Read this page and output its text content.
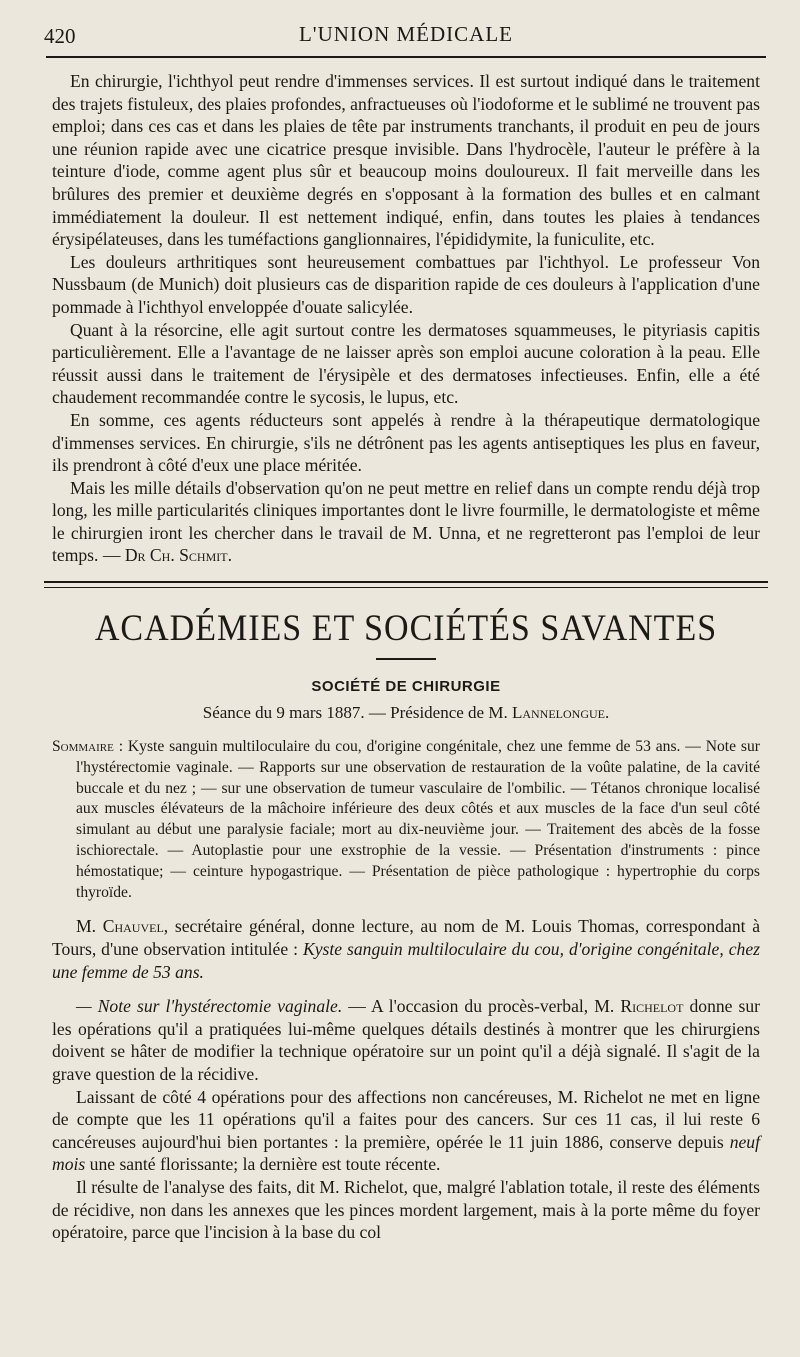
420	L'UNION MÉDICALE

En chirurgie, l'ichthyol peut rendre d'immenses services. Il est surtout indiqué dans le traitement des trajets fistuleux, des plaies profondes, anfractueuses où l'iodoforme et le sublimé ne trouvent pas emploi; dans ces cas et dans les plaies de tête par instruments tranchants, il produit en peu de jours une réunion rapide avec une cicatrice presque invisible. Dans l'hydrocèle, l'auteur le préfère à la teinture d'iode, comme agent plus sûr et beaucoup moins douloureux. Il fait merveille dans les brûlures des premier et deuxième degrés en s'opposant à la formation des bulles et en calmant immédiatement la douleur. Il est nettement indiqué, enfin, dans toutes les plaies à tendances érysipélateuses, dans les tuméfactions ganglionnaires, l'épididymite, la funiculite, etc.

Les douleurs arthritiques sont heureusement combattues par l'ichthyol. Le professeur Von Nussbaum (de Munich) doit plusieurs cas de disparition rapide de ces douleurs à l'application d'une pommade à l'ichthyol enveloppée d'ouate salicylée.

Quant à la résorcine, elle agit surtout contre les dermatoses squammeuses, le pityriasis capitis particulièrement. Elle a l'avantage de ne laisser après son emploi aucune coloration à la peau. Elle réussit aussi dans le traitement de l'érysipèle et des dermatoses infectieuses. Enfin, elle a été chaudement recommandée contre le sycosis, le lupus, etc.

En somme, ces agents réducteurs sont appelés à rendre à la thérapeutique dermatologique d'immenses services. En chirurgie, s'ils ne détrônent pas les agents antiseptiques les plus en faveur, ils prendront à côté d'eux une place méritée.

Mais les mille détails d'observation qu'on ne peut mettre en relief dans un compte rendu déjà trop long, les mille particularités cliniques importantes dont le livre fourmille, le dermatologiste et même le chirurgien iront les chercher dans le travail de M. Unna, et ne regretteront pas l'emploi de leur temps. — Dr Ch. Schmit.

ACADÉMIES ET SOCIÉTÉS SAVANTES
SOCIÉTÉ DE CHIRURGIE
Séance du 9 mars 1887. — Présidence de M. Lannelongue.

Sommaire : Kyste sanguin multiloculaire du cou, d'origine congénitale, chez une femme de 53 ans. — Note sur l'hystérectomie vaginale. — Rapports sur une observation de restauration de la voûte palatine, de la cavité buccale et du nez ; — sur une observation de tumeur vasculaire de l'ombilic. — Tétanos chronique localisé aux muscles élévateurs de la mâchoire inférieure des deux côtés et aux muscles de la face d'un seul côté simulant au début une paralysie faciale; mort au dix-neuvième jour. — Traitement des abcès de la fosse ischiorectale. — Autoplastie pour une exstrophie de la vessie. — Présentation d'instruments : pince hémostatique; — ceinture hypogastrique. — Présentation de pièce pathologique : hypertrophie du corps thyroïde.

M. Chauvel, secrétaire général, donne lecture, au nom de M. Louis Thomas, correspondant à Tours, d'une observation intitulée : Kyste sanguin multiloculaire du cou, d'origine congénitale, chez une femme de 53 ans.

— Note sur l'hystérectomie vaginale. — A l'occasion du procès-verbal, M. Richelot donne sur les opérations qu'il a pratiquées lui-même quelques détails destinés à montrer que les chirurgiens doivent se hâter de modifier la technique opératoire sur un point qu'il a déjà signalé. Il s'agit de la grave question de la récidive.

Laissant de côté 4 opérations pour des affections non cancéreuses, M. Richelot ne met en ligne de compte que les 11 opérations qu'il a faites pour des cancers. Sur ces 11 cas, il lui reste 6 cancéreuses aujourd'hui bien portantes : la première, opérée le 11 juin 1886, conserve depuis neuf mois une santé florissante; la dernière est toute récente.

Il résulte de l'analyse des faits, dit M. Richelot, que, malgré l'ablation totale, il reste des éléments de récidive, non dans les annexes que les pinces mordent largement, mais à la porte même du foyer opératoire, parce que l'incision à la base du col
